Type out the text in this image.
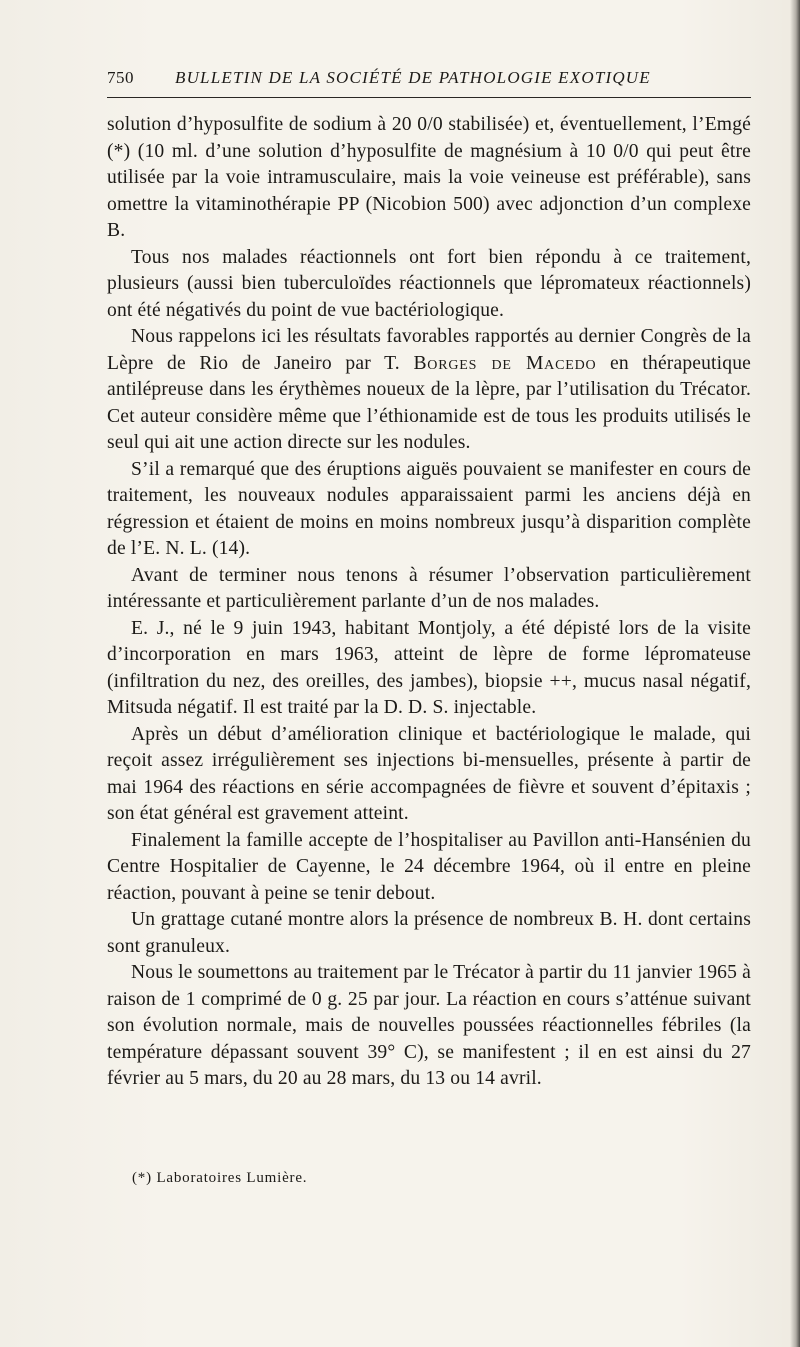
750 BULLETIN DE LA SOCIÉTÉ DE PATHOLOGIE EXOTIQUE

solution d’hyposulfite de sodium à 20 0/0 stabilisée) et, éventuellement, l’Emgé (*) (10 ml. d’une solution d’hyposulfite de magnésium à 10 0/0 qui peut être utilisée par la voie intramusculaire, mais la voie veineuse est préférable), sans omettre la vitaminothérapie PP (Nicobion 500) avec adjonction d’un complexe B.

Tous nos malades réactionnels ont fort bien répondu à ce traitement, plusieurs (aussi bien tuberculoïdes réactionnels que lépromateux réactionnels) ont été négativés du point de vue bactériologique.

Nous rappelons ici les résultats favorables rapportés au dernier Congrès de la Lèpre de Rio de Janeiro par T. Borges de Macedo en thérapeutique antilépreuse dans les érythèmes noueux de la lèpre, par l’utilisation du Trécator. Cet auteur considère même que l’éthionamide est de tous les produits utilisés le seul qui ait une action directe sur les nodules.

S’il a remarqué que des éruptions aiguës pouvaient se manifester en cours de traitement, les nouveaux nodules apparaissaient parmi les anciens déjà en régression et étaient de moins en moins nombreux jusqu’à disparition complète de l’E. N. L. (14).

Avant de terminer nous tenons à résumer l’observation particulièrement intéressante et particulièrement parlante d’un de nos malades.

E. J., né le 9 juin 1943, habitant Montjoly, a été dépisté lors de la visite d’incorporation en mars 1963, atteint de lèpre de forme lépromateuse (infiltration du nez, des oreilles, des jambes), biopsie ++, mucus nasal négatif, Mitsuda négatif. Il est traité par la D. D. S. injectable.

Après un début d’amélioration clinique et bactériologique le malade, qui reçoit assez irrégulièrement ses injections bi-mensuelles, présente à partir de mai 1964 des réactions en série accompagnées de fièvre et souvent d’épitaxis ; son état général est gravement atteint.

Finalement la famille accepte de l’hospitaliser au Pavillon anti-Hansénien du Centre Hospitalier de Cayenne, le 24 décembre 1964, où il entre en pleine réaction, pouvant à peine se tenir debout.

Un grattage cutané montre alors la présence de nombreux B. H. dont certains sont granuleux.

Nous le soumettons au traitement par le Trécator à partir du 11 janvier 1965 à raison de 1 comprimé de 0 g. 25 par jour. La réaction en cours s’atténue suivant son évolution normale, mais de nouvelles poussées réactionnelles fébriles (la température dépassant souvent 39° C), se manifestent ; il en est ainsi du 27 février au 5 mars, du 20 au 28 mars, du 13 ou 14 avril.

(*) Laboratoires Lumière.
